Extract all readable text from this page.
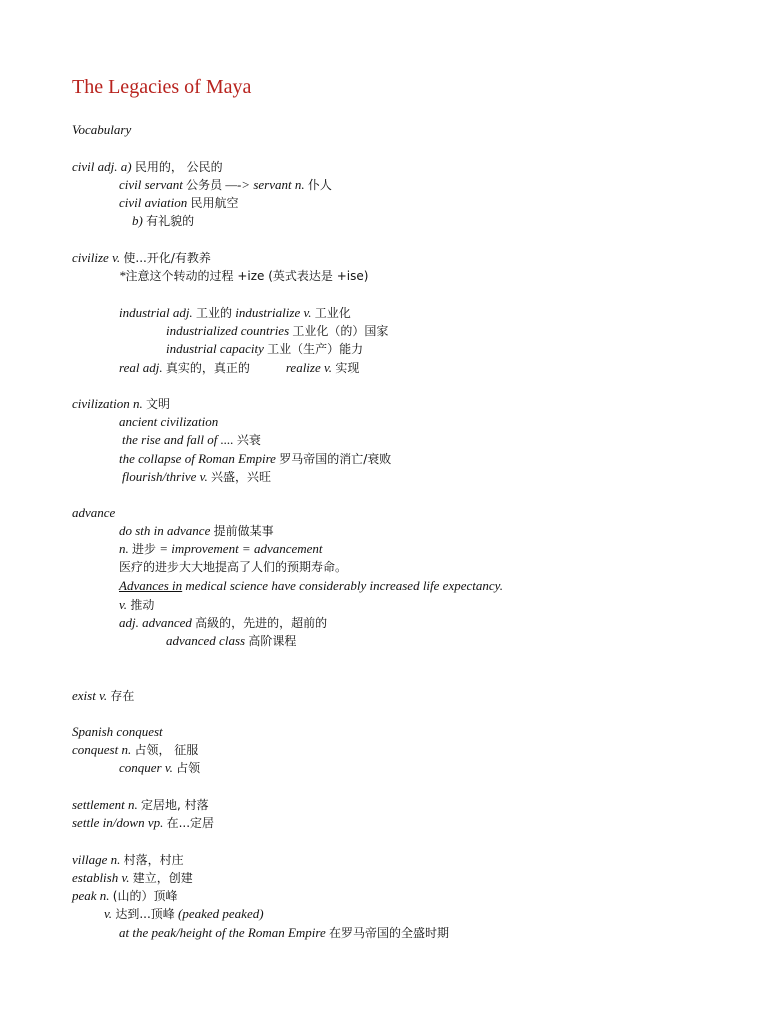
The Legacies of Maya
Vocabulary
civil adj. a) 民用的， 公民的
civil servant 公务员 —-> servant n. 仆人
civil aviation 民用航空
b) 有礼貌的
civilize v. 使...开化/有教养
*注意这个转动的过程 +ize (英式表达是 +ise)
industrial adj. 工业的 industrialize v. 工业化
industrialized countries 工业化（的）国家
industrial capacity 工业（生产）能力
real adj. 真实的，真正的	realize v. 实现
civilization n. 文明
ancient civilization
the rise and fall of .... 兴衰
the collapse of Roman Empire 罗马帝国的消亡/衰败
flourish/thrive v. 兴盛，兴旺
advance
do sth in advance 提前做某事
n. 进步 = improvement = advancement
医疗的进步大大地提高了人们的预期寿命。
Advances in medical science have considerably increased life expectancy.
v. 推动
adj. advanced 高級的，先进的，超前的
advanced class 高阶课程
exist v. 存在
Spanish conquest
conquest n. 占领， 征服
conquer v. 占领
settlement n. 定居地, 村落
settle in/down vp. 在...定居
village n. 村落，村庄
establish v. 建立，创建
peak n. (山的）顶峰
v. 达到...顶峰 (peaked peaked)
at the peak/height of the Roman Empire 在罗马帝国的全盛时期
